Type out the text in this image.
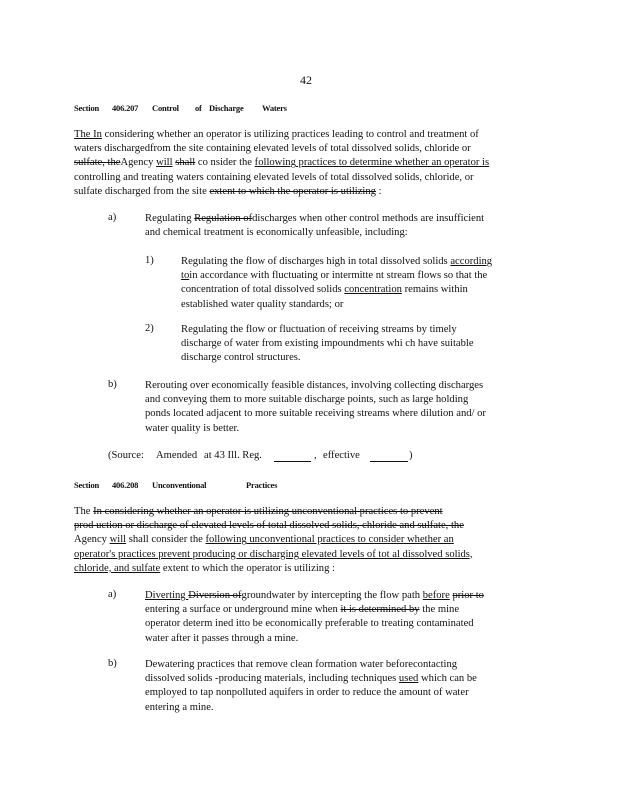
42
Section 406.207 Control of Discharge Waters
The In considering whether an operator is utilizing practices leading to control and treatment of
waters dischargedfrom the site containing elevated levels of total dissolved solids, chloride or
sulfate, theAgency will shall co nsider the following practices to determine whether an operator is
controlling and treating waters containing elevated levels of total dissolved solids, chloride, or
sulfate discharged from the site extent to which the operator is utilizing :
a)	Regulating Regulation ofdischarges when other control methods are insufficient
and chemical treatment is economically unfeasible, including:
1)	Regulating the flow of discharges high in total dissolved solids according
toin accordance with fluctuating or intermitte nt stream flows so that the
concentration of total dissolved solids concentration remains within
established water quality standards; or
2)	Regulating the flow or fluctuation of receiving streams by timely
discharge of water from existing impoundments whi ch have suitable
discharge control structures.
b)	Rerouting over economically feasible distances, involving collecting discharges
and conveying them to more suitable discharge points, such as large holding
ponds located adjacent to more suitable receiving streams where dilution and/ or
water quality is better.
(Source: Amended at 43 Ill. Reg.	, effective	)
Section 406.208 Unconventional	Practices
The In considering whether an operator is utilizing unconventional practices to prevent
prod uction or discharge of elevated levels of total dissolved solids, chloride and sulfate, the
Agency will shall consider the following unconventional practices to consider whether an
operator's practices prevent producing or discharging elevated levels of tot al dissolved solids,
chloride, and sulfate extent to which the operator is utilizing :
a)	Diverting Diversion ofgroundwater by intercepting the flow path before prior to
entering a surface or underground mine when it is determined by the mine
operator determ ined itto be economically preferable to treating contaminated
water after it passes through a mine.
b)	Dewatering practices that remove clean formation water beforecontacting
dissolved solids -producing materials, including techniques used which can be
employed to tap nonpolluted aquifers in order to reduce the amount of water
entering a mine.
